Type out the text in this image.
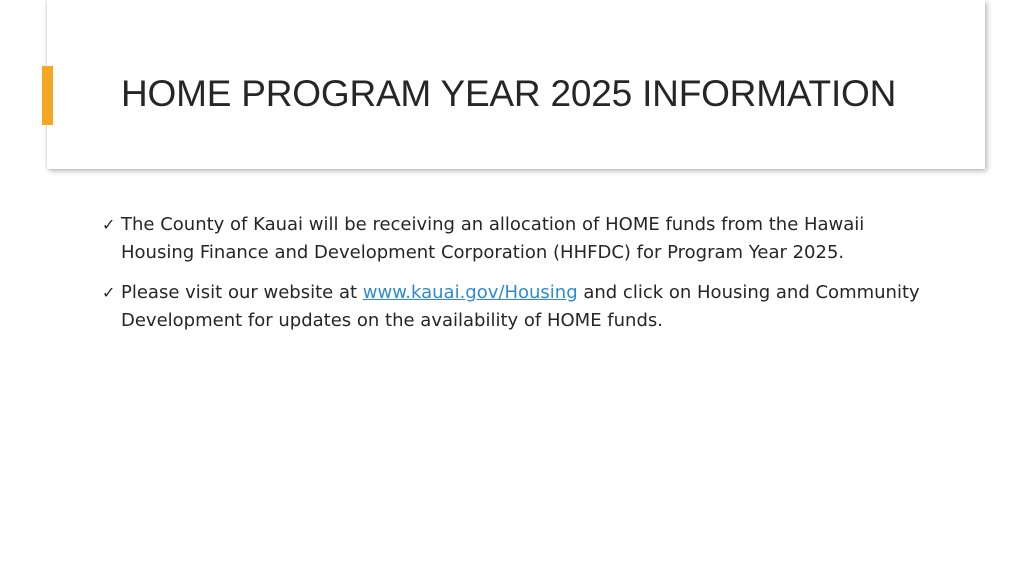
HOME PROGRAM YEAR 2025 INFORMATION
✓ The County of Kauai will be receiving an allocation of HOME funds from the Hawaii Housing Finance and Development Corporation (HHFDC) for Program Year 2025.
✓ Please visit our website at www.kauai.gov/Housing and click on Housing and Community Development for updates on the availability of HOME funds.
